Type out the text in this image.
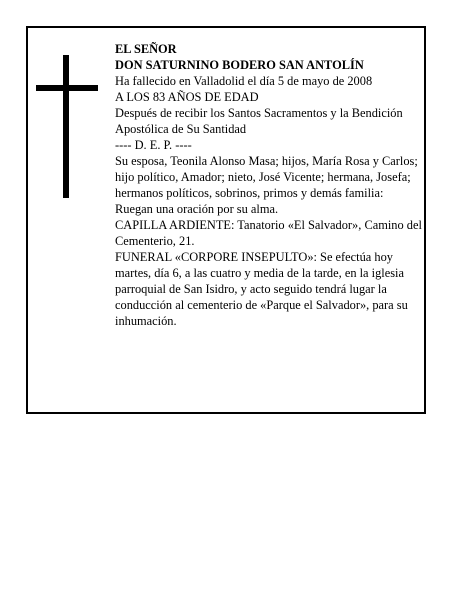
EL SEÑOR

DON SATURNINO BODERO SAN ANTOLÍN

Ha fallecido en Valladolid el día 5 de mayo de 2008

A LOS 83 AÑOS DE EDAD

Después de recibir los Santos Sacramentos y la Bendición Apostólica de Su Santidad

---- D. E. P. ----

Su esposa, Teonila Alonso Masa; hijos, María Rosa y Carlos; hijo político, Amador; nieto, José Vicente; hermana, Josefa; hermanos políticos, sobrinos, primos y demás familia:

Ruegan una oración por su alma.

CAPILLA ARDIENTE: Tanatorio «El Salvador», Camino del Cementerio, 21.

FUNERAL «CORPORE INSEPULTO»: Se efectúa hoy martes, día 6, a las cuatro y media de la tarde, en la iglesia parroquial de San Isidro, y acto seguido tendrá lugar la conducción al cementerio de «Parque el Salvador», para su inhumación.
